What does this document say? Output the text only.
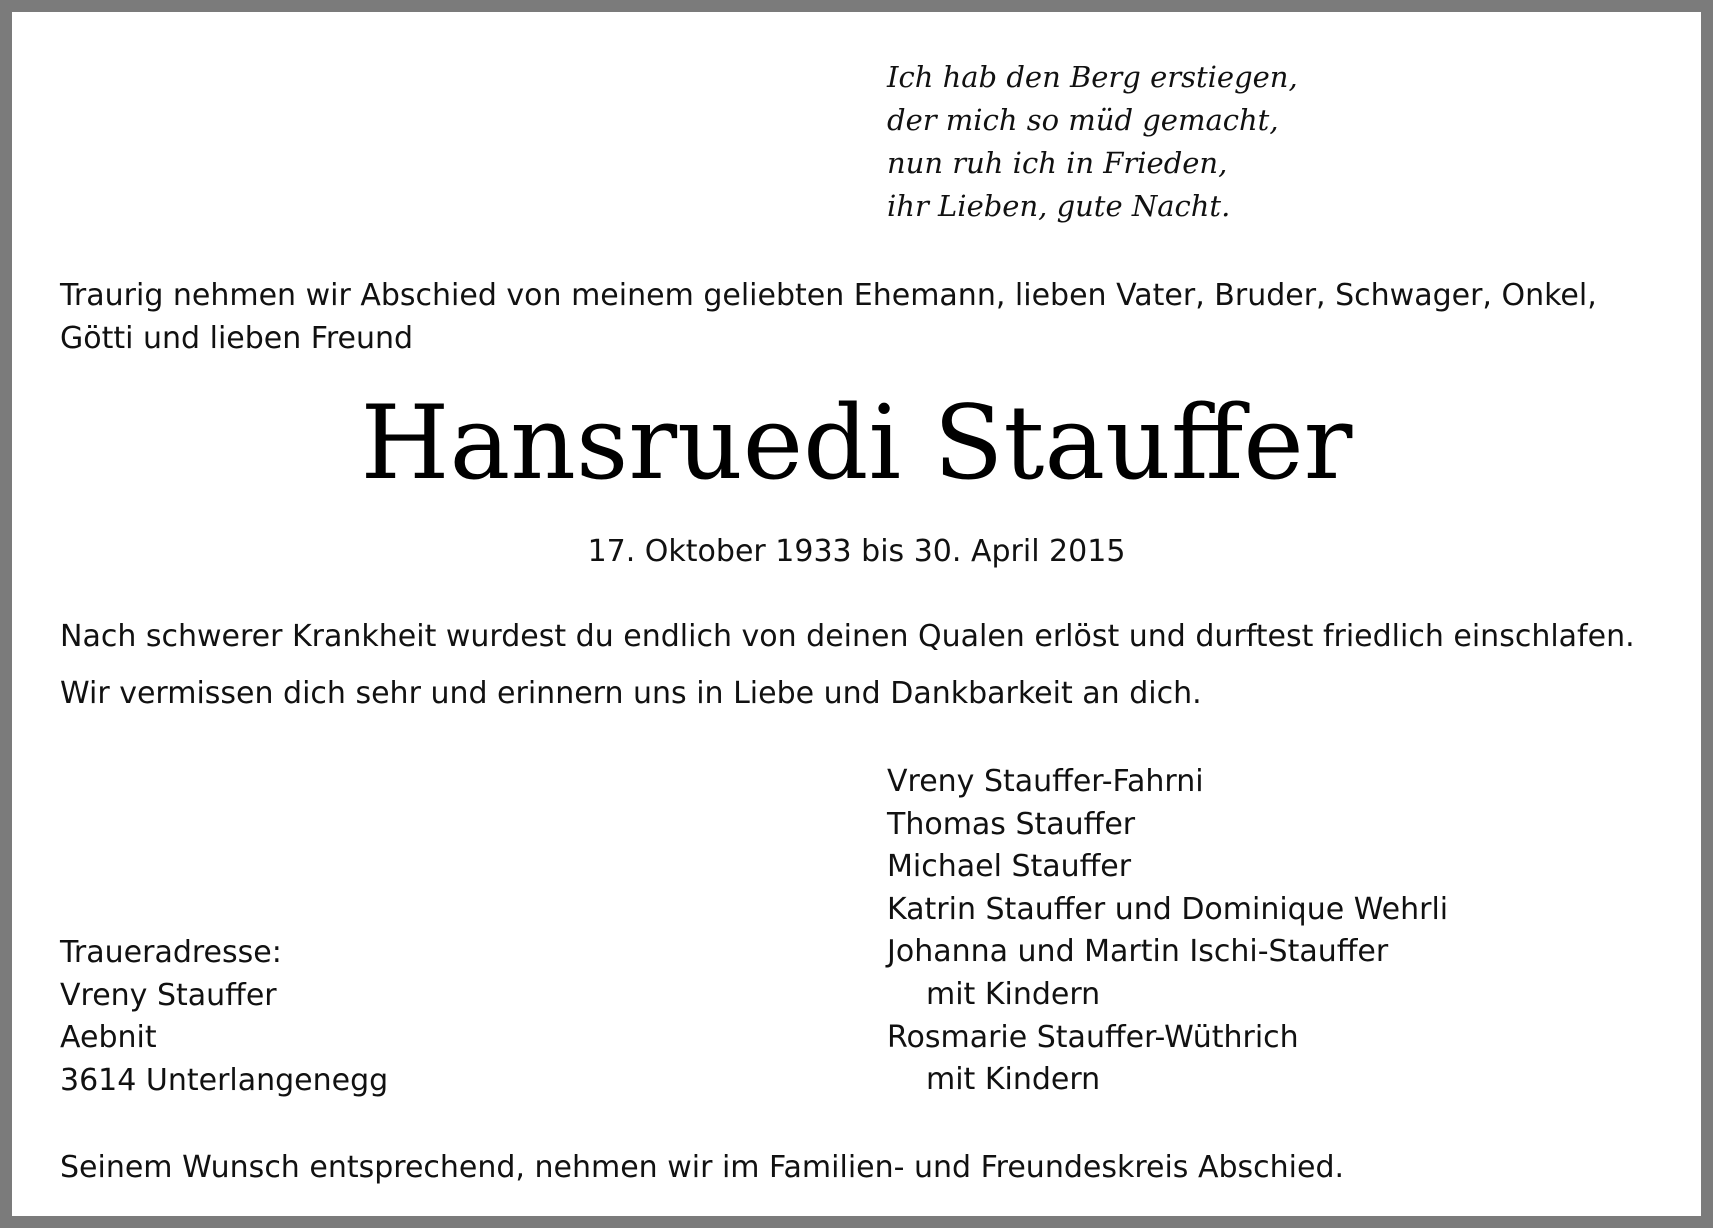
Ich hab den Berg erstiegen,
der mich so müd gemacht,
nun ruh ich in Frieden,
ihr Lieben, gute Nacht.

Traurig nehmen wir Abschied von meinem geliebten Ehemann, lieben Vater, Bruder, Schwager, Onkel, Götti und lieben Freund

Hansruedi Stauffer
17. Oktober 1933 bis 30. April 2015
Nach schwerer Krankheit wurdest du endlich von deinen Qualen erlöst und durftest friedlich einschlafen.
Wir vermissen dich sehr und erinnern uns in Liebe und Dankbarkeit an dich.
Vreny Stauffer-Fahrni
Thomas Stauffer
Michael Stauffer
Katrin Stauffer und Dominique Wehrli
Johanna und Martin Ischi-Stauffer
mit Kindern
Rosmarie Stauffer-Wüthrich
mit Kindern
Traueradresse:
Vreny Stauffer
Aebnit
3614 Unterlangenegg
Seinem Wunsch entsprechend, nehmen wir im Familien- und Freundeskreis Abschied.
